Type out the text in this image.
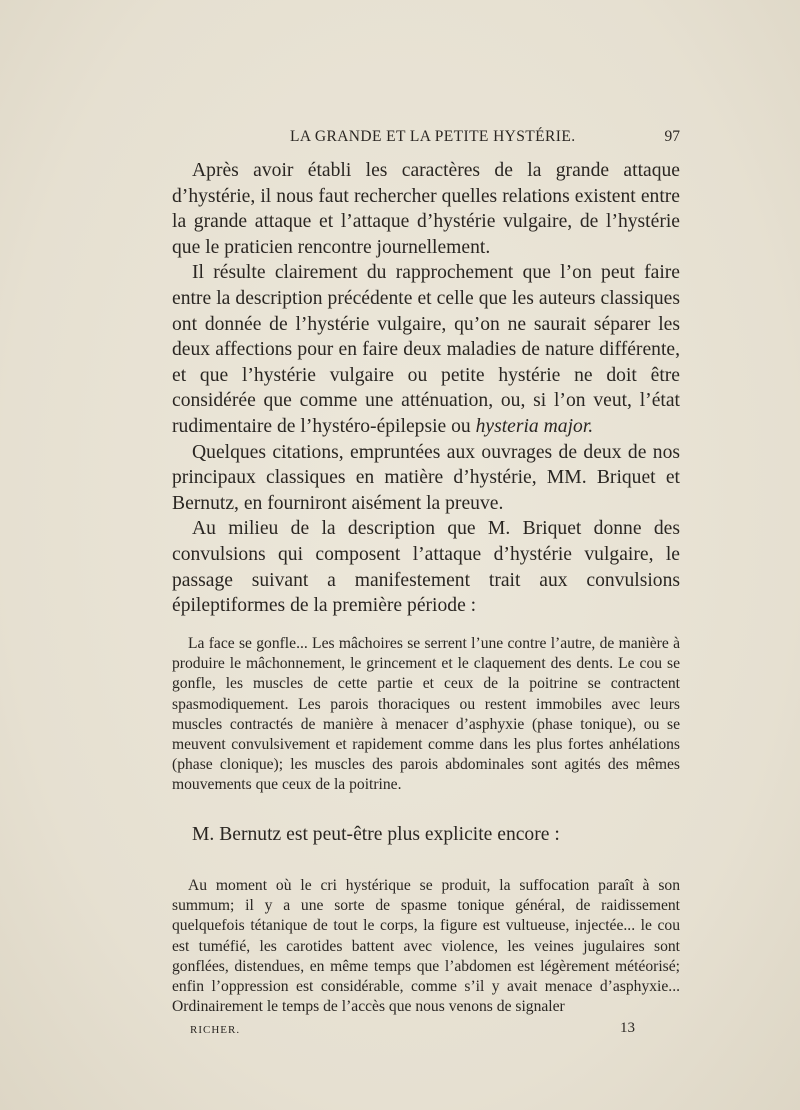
LA GRANDE ET LA PETITE HYSTÉRIE.	97

Après avoir établi les caractères de la grande attaque d’hystérie, il nous faut rechercher quelles relations existent entre la grande attaque et l’attaque d’hystérie vulgaire, de l’hystérie que le praticien rencontre journellement.

Il résulte clairement du rapprochement que l’on peut faire entre la description précédente et celle que les auteurs classiques ont donnée de l’hystérie vulgaire, qu’on ne saurait séparer les deux affections pour en faire deux maladies de nature différente, et que l’hystérie vulgaire ou petite hystérie ne doit être considérée que comme une atténuation, ou, si l’on veut, l’état rudimentaire de l’hystéro-épilepsie ou hysteria major.

Quelques citations, empruntées aux ouvrages de deux de nos principaux classiques en matière d’hystérie, MM. Briquet et Bernutz, en fourniront aisément la preuve.

Au milieu de la description que M. Briquet donne des convulsions qui composent l’attaque d’hystérie vulgaire, le passage suivant a manifestement trait aux convulsions épileptiformes de la première période :

La face se gonfle... Les mâchoires se serrent l’une contre l’autre, de manière à produire le mâchonnement, le grincement et le claquement des dents. Le cou se gonfle, les muscles de cette partie et ceux de la poitrine se contractent spasmodiquement. Les parois thoraciques ou restent immobiles avec leurs muscles contractés de manière à menacer d’asphyxie (phase tonique), ou se meuvent convulsivement et rapidement comme dans les plus fortes anhélations (phase clonique); les muscles des parois abdominales sont agités des mêmes mouvements que ceux de la poitrine.

M. Bernutz est peut-être plus explicite encore :

Au moment où le cri hystérique se produit, la suffocation paraît à son summum; il y a une sorte de spasme tonique général, de raidissement quelquefois tétanique de tout le corps, la figure est vultueuse, injectée... le cou est tuméfié, les carotides battent avec violence, les veines jugulaires sont gonflées, distendues, en même temps que l’abdomen est légèrement météorisé; enfin l’oppression est considérable, comme s’il y avait menace d’asphyxie... Ordinairement le temps de l’accès que nous venons de signaler

RICHER.	13
